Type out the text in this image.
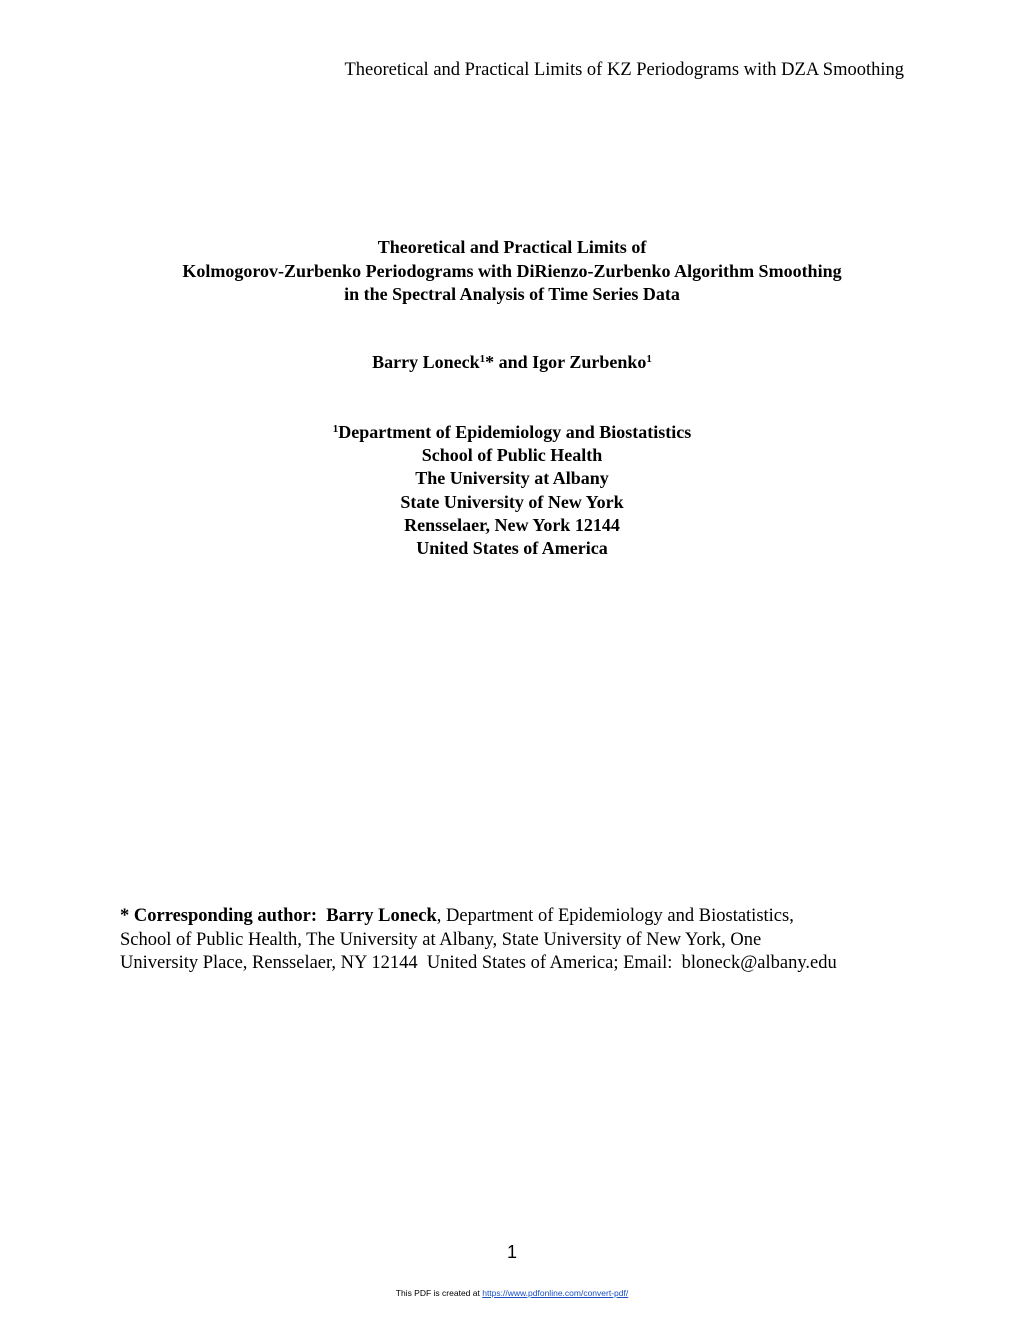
Theoretical and Practical Limits of KZ Periodograms with DZA Smoothing
Theoretical and Practical Limits of
Kolmogorov-Zurbenko Periodograms with DiRienzo-Zurbenko Algorithm Smoothing
in the Spectral Analysis of Time Series Data
Barry Loneck$^1$* and Igor Zurbenko$^1$
$^1$Department of Epidemiology and Biostatistics
School of Public Health
The University at Albany
State University of New York
Rensselaer, New York 12144
United States of America
* Corresponding author: Barry Loneck, Department of Epidemiology and Biostatistics,
School of Public Health, The University at Albany, State University of New York, One
University Place, Rensselaer, NY 12144  United States of America; Email:  bloneck@albany.edu
1
This PDF is created at https://www.pdfonline.com/convert-pdf/
